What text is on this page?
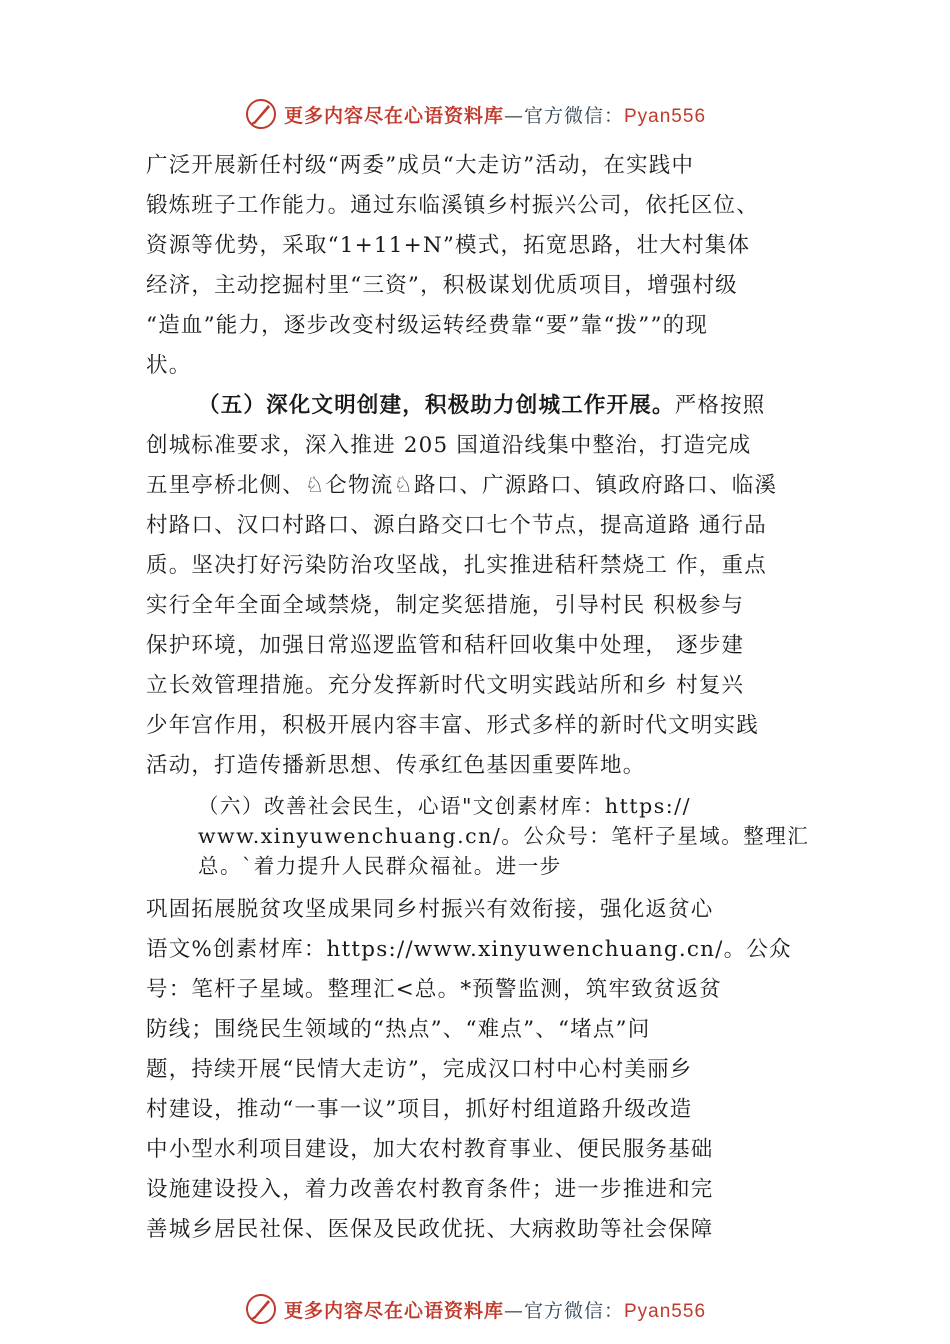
更多内容尽在心语资料库—官方微信：Pyan556
广泛开展新任村级“两委”成员“大走访”活动，在实践中
锻炼班子工作能力。通过东临溪镇乡村振兴公司，依托区位、
资源等优势，采取“1+11+N”模式，拓宽思路，壮大村集体
经济，主动挖掘村里“三资”，积极谋划优质项目，增强村级
“造血”能力，逐步改变村级运转经费靠“要”靠“拨””的现
状。
（五）深化文明创建，积极助力创城工作开展。严格按照
创城标准要求，深入推进 205 国道沿线集中整治，打造完成
五里亭桥北侧、♘仑物流♘路口、广源路口、镇政府路口、临溪
村路口、汉口村路口、源白路交口七个节点，提高道路 通行品
质。坚决打好污染防治攻坚战，扎实推进秸秆禁烧工 作，重点
实行全年全面全域禁烧，制定奖惩措施，引导村民 积极参与
保护环境，加强日常巡逻监管和秸秆回收集中处理， 逐步建
立长效管理措施。充分发挥新时代文明实践站所和乡 村复兴
少年宫作用，积极开展内容丰富、形式多样的新时代文明实践
活动，打造传播新思想、传承红色基因重要阵地。
（六）改善社会民生，心语"文创素材库：https://
www.xinyuwenchuang.cn/。公众号：笔杆子星域。整理汇
总。`着力提升人民群众福祉。进一步
巩固拓展脱贫攻坚成果同乡村振兴有效衔接，强化返贫心
语文%创素材库：https://www.xinyuwenchuang.cn/。公众
号：笔杆子星域。整理汇<总。*预警监测，筑牢致贫返贫
防线；围绕民生领域的“热点”、“难点”、“堵点”问
题，持续开展“民情大走访”，完成汉口村中心村美丽乡
村建设，推动“一事一议”项目，抓好村组道路升级改造
中小型水利项目建设，加大农村教育事业、便民服务基础
设施建设投入，着力改善农村教育条件；进一步推进和完
善城乡居民社保、医保及民政优抚、大病救助等社会保障
更多内容尽在心语资料库—官方微信：Pyan556
